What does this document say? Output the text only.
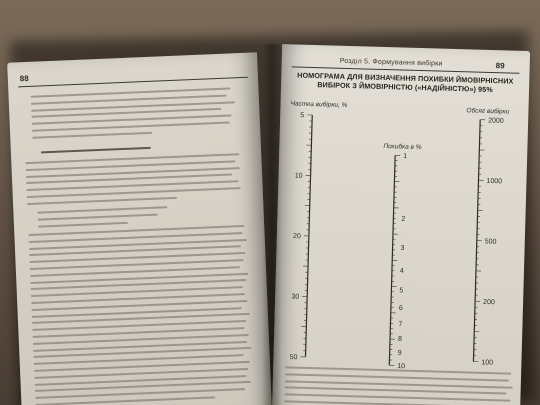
88
Розділ 5. Формування вибірки	89
НОМОГРАМА ДЛЯ ВИЗНАЧЕННЯ ПОХИБКИ ЙМОВІРНІСНИХ ВИБІРОК З ЙМОВІРНІСТЮ («НАДІЙНІСТЮ») 95%
5
10
20
30
50
1
2
3
4
5
6
7
8
9
10
2000
1000
500
200
100
Частка вибірки, %
Похибка в %
Обсяг вибірки
